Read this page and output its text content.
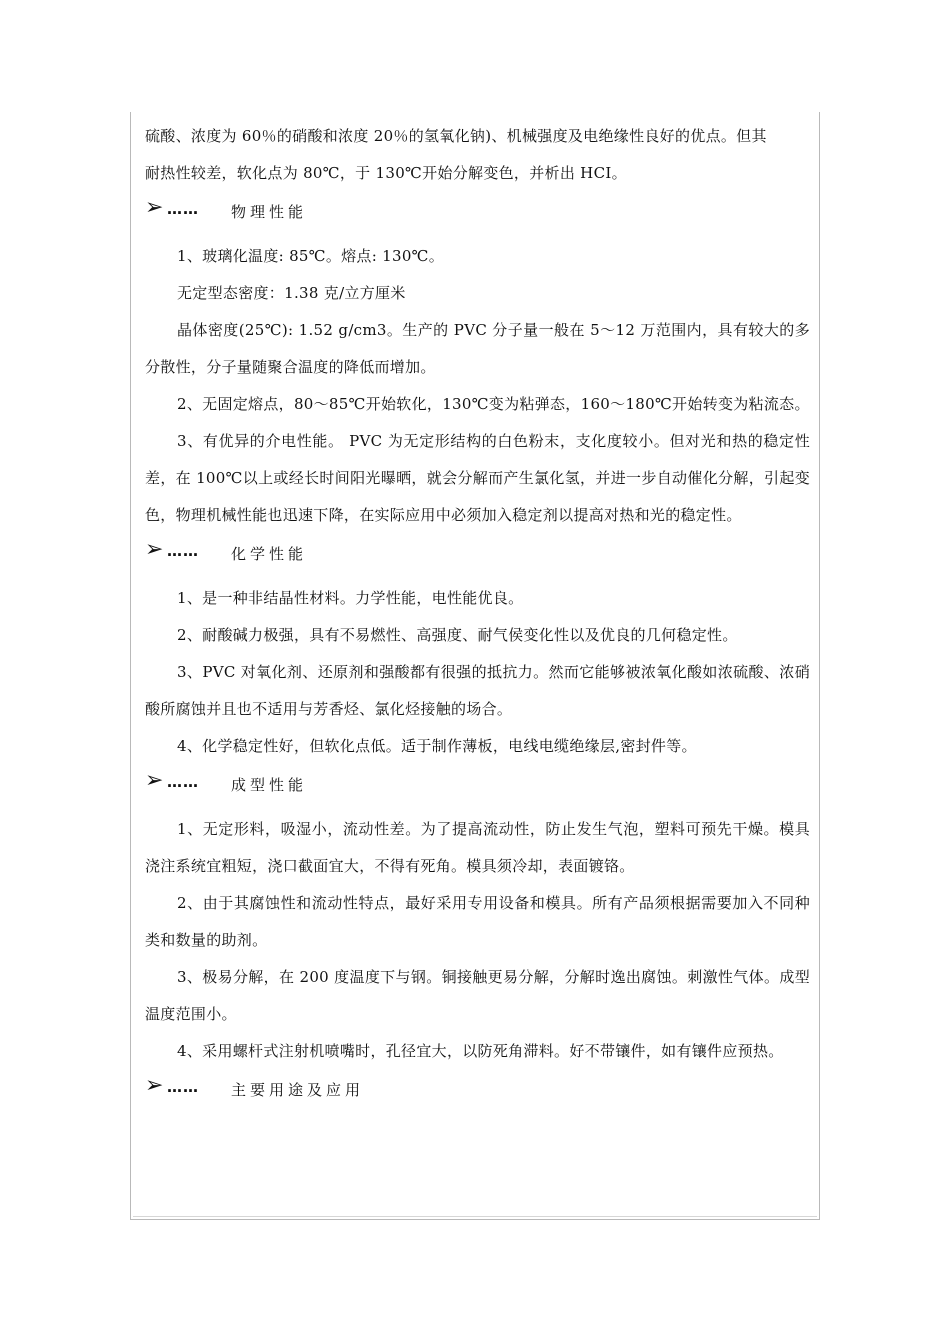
硫酸、浓度为 60％的硝酸和浓度 20％的氢氧化钠)、机械强度及电绝缘性良好的优点。但其

耐热性较差，软化点为 80℃，于 130℃开始分解变色，并析出 HCI。

➢ …… 物理性能

1、玻璃化温度: 85℃。熔点: 130℃。

无定型态密度：1.38 克/立方厘米

晶体密度(25℃): 1.52 g/cm3。生产的 PVC 分子量一般在 5～12 万范围内，具有较大的多分散性，分子量随聚合温度的降低而增加。

2、无固定熔点，80～85℃开始软化，130℃变为粘弹态，160～180℃开始转变为粘流态。

3、有优异的介电性能。 PVC 为无定形结构的白色粉末，支化度较小。但对光和热的稳定性差，在 100℃以上或经长时间阳光曝晒，就会分解而产生氯化氢，并进一步自动催化分解，引起变色，物理机械性能也迅速下降，在实际应用中必须加入稳定剂以提高对热和光的稳定性。

➢ …… 化学性能

1、是一种非结晶性材料。力学性能，电性能优良。

2、耐酸碱力极强，具有不易燃性、高强度、耐气侯变化性以及优良的几何稳定性。

3、PVC 对氧化剂、还原剂和强酸都有很强的抵抗力。然而它能够被浓氧化酸如浓硫酸、浓硝酸所腐蚀并且也不适用与芳香烃、氯化烃接触的场合。

4、化学稳定性好，但软化点低。适于制作薄板，电线电缆绝缘层,密封件等。

➢ …… 成型性能

1、无定形料，吸湿小，流动性差。为了提高流动性，防止发生气泡，塑料可预先干燥。模具浇注系统宜粗短，浇口截面宜大，不得有死角。模具须冷却，表面镀铬。

2、由于其腐蚀性和流动性特点，最好采用专用设备和模具。所有产品须根据需要加入不同种类和数量的助剂。

3、极易分解，在 200 度温度下与钢。铜接触更易分解，分解时逸出腐蚀。刺激性气体。成型温度范围小。

4、采用螺杆式注射机喷嘴时，孔径宜大，以防死角滞料。好不带镶件，如有镶件应预热。

➢ …… 主要用途及应用
